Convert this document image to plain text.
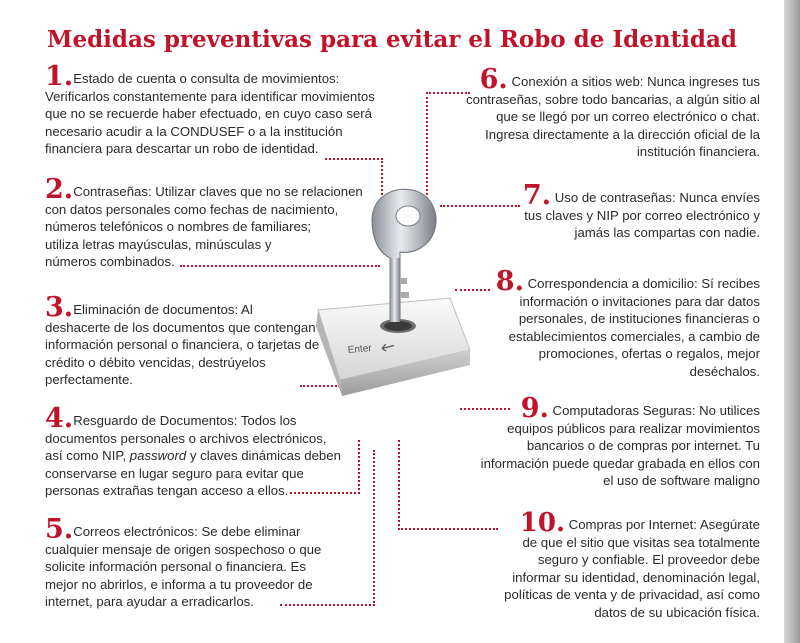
Medidas preventivas para evitar el Robo de Identidad
1.Estado de cuenta o consulta de movimientos:
Verificarlos constantemente para identificar movimientos
que no se recuerde haber efectuado, en cuyo caso será
necesario acudir a la CONDUSEF o a la institución
financiera para descartar un robo de identidad.
2.Contraseñas: Utilizar claves que no se relacionen
con datos personales como fechas de nacimiento,
números telefónicos o nombres de familiares;
utiliza letras mayúsculas, minúsculas y
números combinados.
3.Eliminación de documentos: Al
deshacerte de los documentos que contengan
información personal o financiera, o tarjetas de
crédito o débito vencidas, destrúyelos
perfectamente.
4.Resguardo de Documentos: Todos los
documentos personales o archivos electrónicos,
así como NIP, password y claves dinámicas deben
conservarse en lugar seguro para evitar que
personas extrañas tengan acceso a ellos.
5.Correos electrónicos: Se debe eliminar
cualquier mensaje de origen sospechoso o que
solicite información personal o financiera. Es
mejor no abrirlos, e informa a tu proveedor de
internet, para ayudar a erradicarlos.
6. Conexión a sitios web: Nunca ingreses tus
contraseñas, sobre todo bancarias, a algún sitio al
que se llegó por un correo electrónico o chat.
Ingresa directamente a la dirección oficial de la
institución financiera.
7. Uso de contraseñas: Nunca envíes
tus claves y NIP por correo electrónico y
jamás las compartas con nadie.
8. Correspondencia a domicilio: Sí recibes
información o invitaciones para dar datos
personales, de instituciones financieras o
establecimientos comerciales, a cambio de
promociones, ofertas o regalos, mejor
deséchalos.
9. Computadoras Seguras: No utilices
equipos públicos para realizar movimientos
bancarios o de compras por internet. Tu
información puede quedar grabada en ellos con
el uso de software maligno
10. Compras por Internet: Asegúrate
de que el sitio que visitas sea totalmente
seguro y confiable. El proveedor debe
informar su identidad, denominación legal,
políticas de venta y de privacidad, así como
datos de su ubicación física.
Enter
